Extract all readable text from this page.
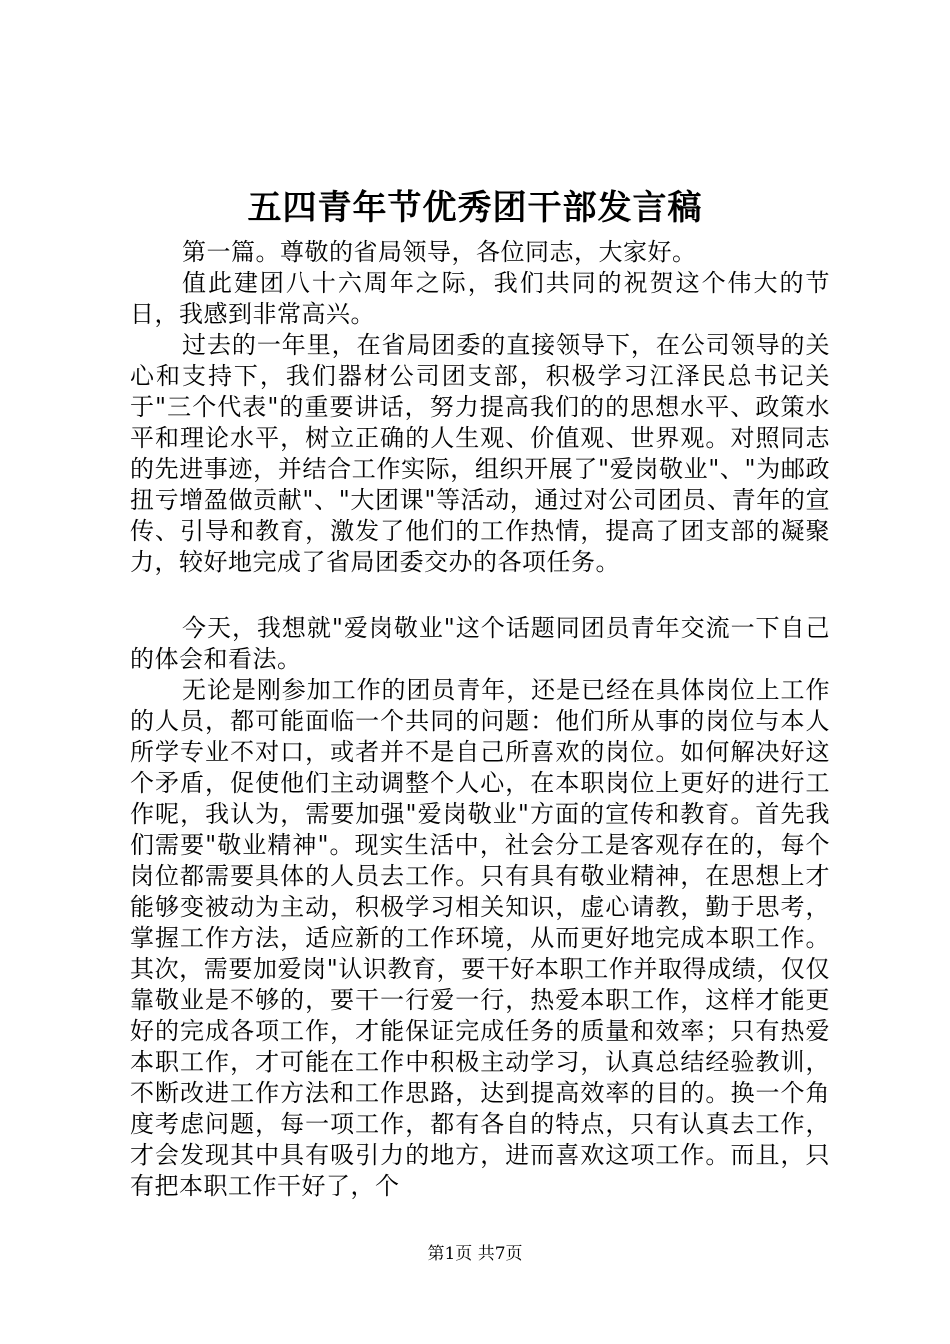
五四青年节优秀团干部发言稿

第一篇。尊敬的省局领导，各位同志，大家好。

值此建团八十六周年之际，我们共同的祝贺这个伟大的节日，我感到非常高兴。

过去的一年里，在省局团委的直接领导下，在公司领导的关心和支持下，我们器材公司团支部，积极学习江泽民总书记关于"三个代表"的重要讲话，努力提高我们的的思想水平、政策水平和理论水平，树立正确的人生观、价值观、世界观。对照同志的先进事迹，并结合工作实际，组织开展了"爱岗敬业"、"为邮政扭亏增盈做贡献"、"大团课"等活动，通过对公司团员、青年的宣传、引导和教育，激发了他们的工作热情，提高了团支部的凝聚力，较好地完成了省局团委交办的各项任务。

今天，我想就"爱岗敬业"这个话题同团员青年交流一下自己的体会和看法。

无论是刚参加工作的团员青年，还是已经在具体岗位上工作的人员，都可能面临一个共同的问题：他们所从事的岗位与本人所学专业不对口，或者并不是自己所喜欢的岗位。如何解决好这个矛盾，促使他们主动调整个人心，在本职岗位上更好的进行工作呢，我认为，需要加强"爱岗敬业"方面的宣传和教育。首先我们需要"敬业精神"。现实生活中，社会分工是客观存在的，每个岗位都需要具体的人员去工作。只有具有敬业精神，在思想上才能够变被动为主动，积极学习相关知识，虚心请教，勤于思考，掌握工作方法，适应新的工作环境，从而更好地完成本职工作。其次，需要加爱岗"认识教育，要干好本职工作并取得成绩，仅仅靠敬业是不够的，要干一行爱一行，热爱本职工作，这样才能更好的完成各项工作，才能保证完成任务的质量和效率；只有热爱本职工作，才可能在工作中积极主动学习，认真总结经验教训，不断改进工作方法和工作思路，达到提高效率的目的。换一个角度考虑问题，每一项工作，都有各自的特点，只有认真去工作，才会发现其中具有吸引力的地方，进而喜欢这项工作。而且，只有把本职工作干好了，个

第1页 共7页
